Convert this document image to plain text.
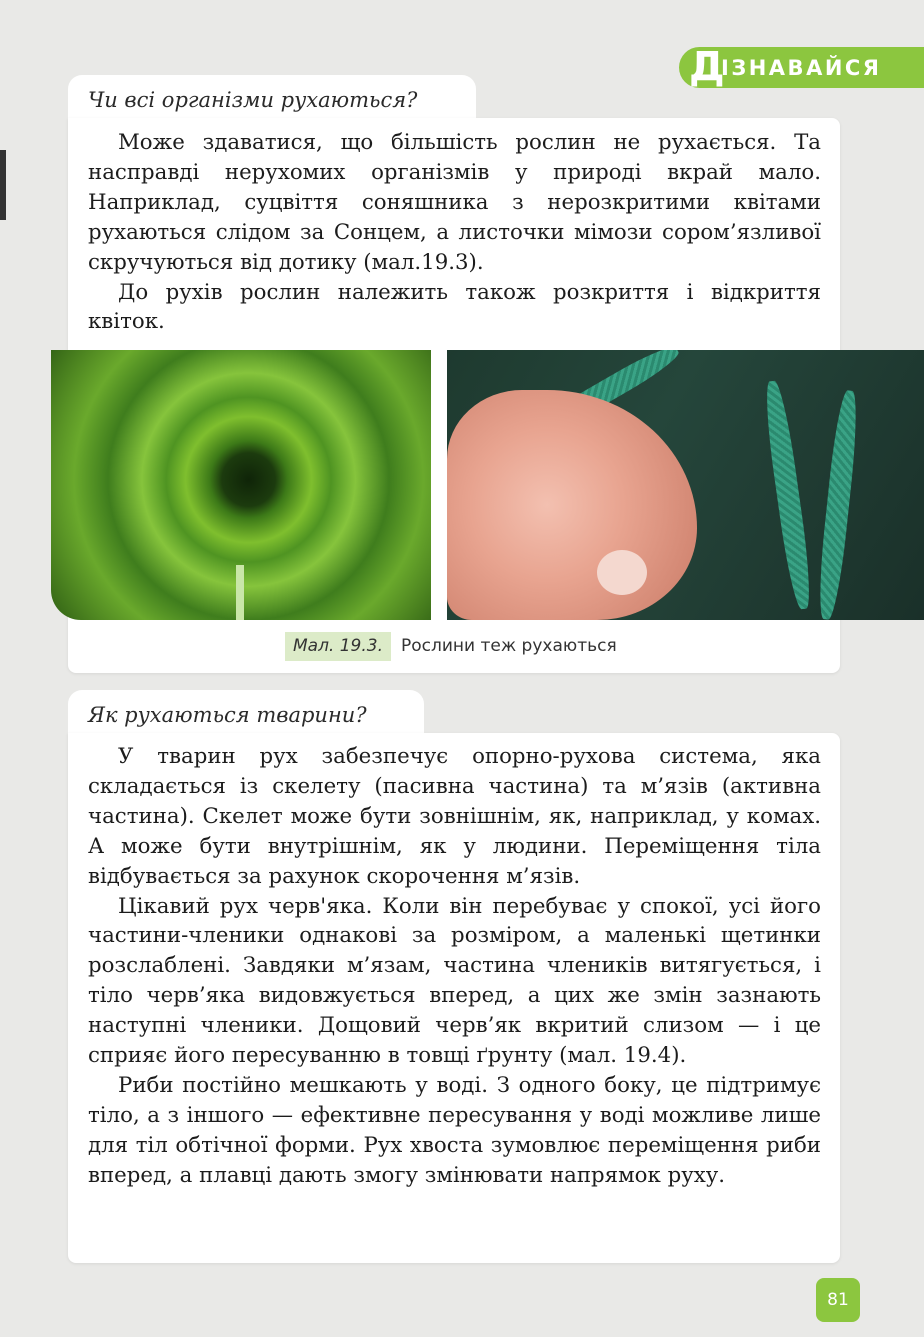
Д
ІЗНАВАЙСЯ
Чи всі організми рухаються?

Може здаватися, що більшість рослин не рухається. Та насправді нерухомих організмів у природі вкрай мало. Наприклад, суцвіття соняшника з нерозкритими квітами рухаються слідом за Сонцем, а листочки мімози сором’язливої скручуються від дотику (мал.19.3).

До рухів рослин належить також розкриття і відкриття квіток.

Мал. 19.3.	Рослини теж рухаються
Як рухаються тварини?

У тварин рух забезпечує опорно-рухова система, яка складається із скелету (пасивна частина) та м’язів (активна частина). Скелет може бути зовнішнім, як, наприклад, у комах. А може бути внутрішнім, як у людини. Переміщення тіла відбувається за рахунок скорочення м’язів.

Цікавий рух черв'яка. Коли він перебуває у спокої, усі його частини-членики однакові за розміром, а маленькі щетинки розслаблені. Завдяки м’язам, частина члеників витягується, і тіло черв’яка видовжується вперед, а цих же змін зазнають наступні членики. Дощовий черв’як вкритий слизом — і це сприяє його пересуванню в товщі ґрунту (мал. 19.4).

Риби постійно мешкають у воді. З одного боку, це підтримує тіло, а з іншого — ефективне пересування у воді можливе лише для тіл обтічної форми. Рух хвоста зумовлює переміщення риби вперед, а плавці дають змогу змінювати напрямок руху.

81
